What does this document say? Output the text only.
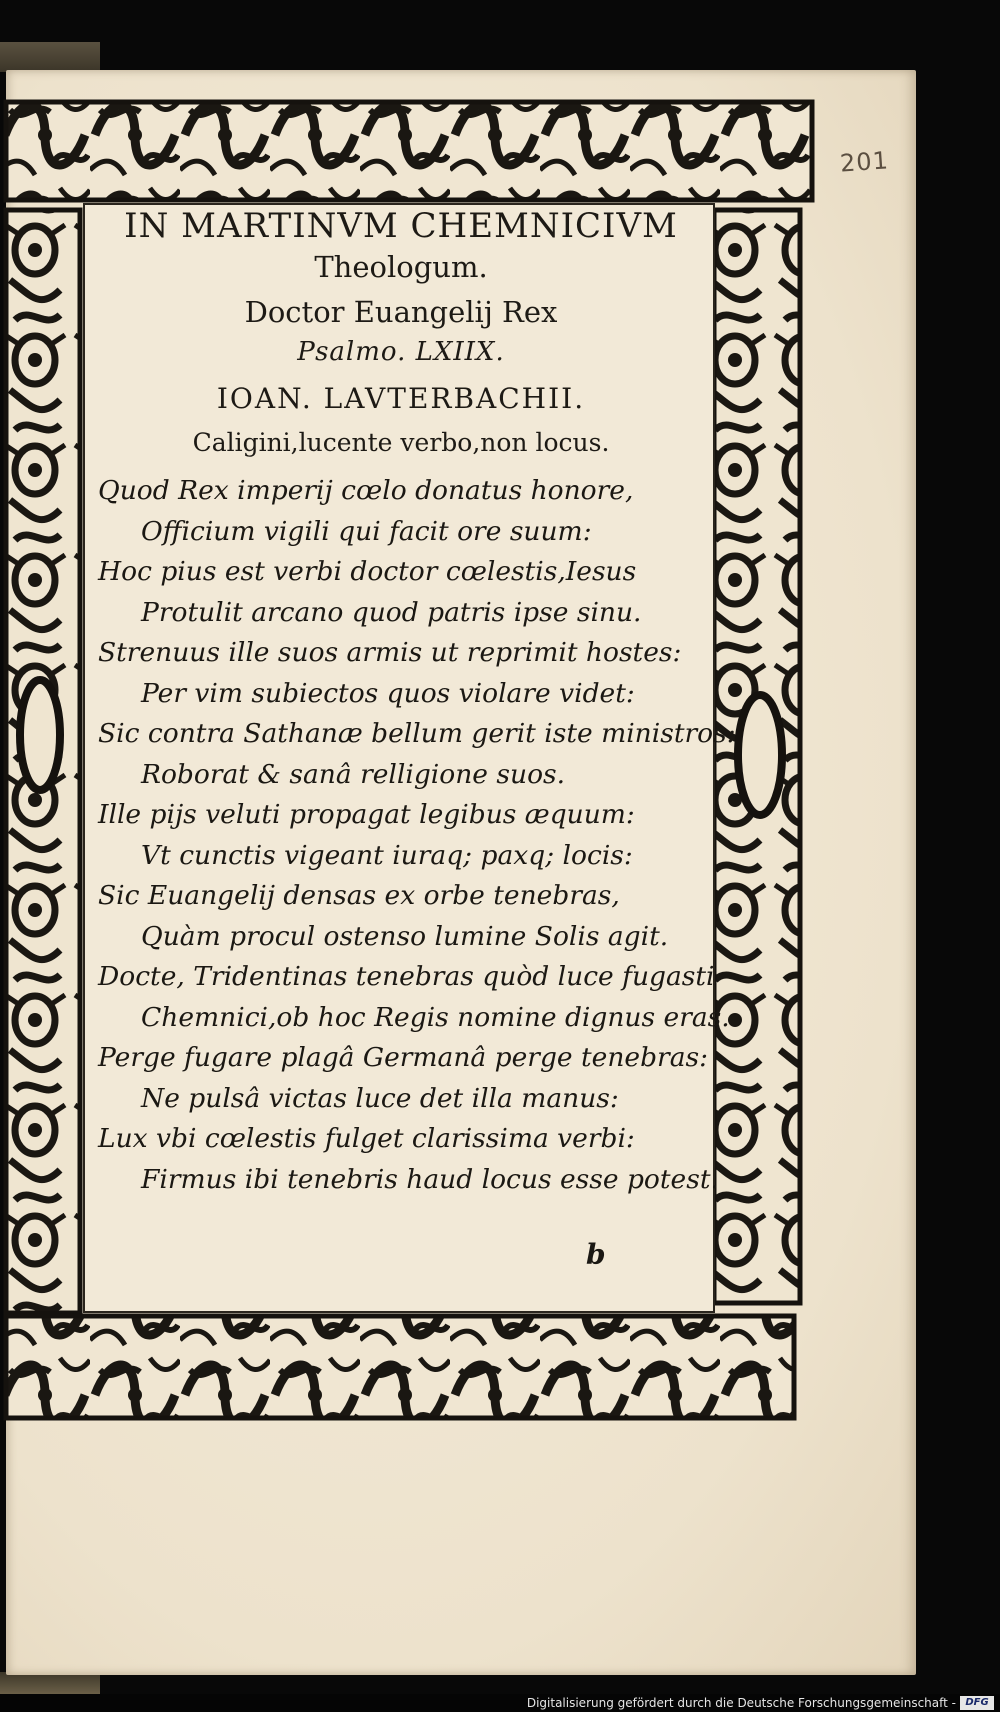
201

IN MARTINVM CHEMNICIVM

Theologum.

Doctor Euangelij Rex

Psalmo. LXIIX.

IOAN. LAVTERBACHII.

Caligini,lucente verbo,non locus.

Quod Rex imperij cœlo donatus honore,

Officium vigili qui facit ore suum:

Hoc pius est verbi doctor cœlestis,Iesus

Protulit arcano quod patris ipse sinu.

Strenuus ille suos armis ut reprimit hostes:

Per vim subiectos quos violare videt:

Sic contra Sathanæ bellum gerit iste ministros:

Roborat & sanâ relligione suos.

Ille pijs veluti propagat legibus æquum:

Vt cunctis vigeant iuraq; paxq; locis:

Sic Euangelij densas ex orbe tenebras,

Quàm procul ostenso lumine Solis agit.

Docte, Tridentinas tenebras quòd luce fugasti

Chemnici,ob hoc Regis nomine dignus eras.

Perge fugare plagâ Germanâ perge tenebras:

Ne pulsâ victas luce det illa manus:

Lux vbi cœlestis fulget clarissima verbi:

Firmus ibi tenebris haud locus esse potest.

b
Digitalisierung gefördert durch die Deutsche Forschungsgemeinschaft - DFG
